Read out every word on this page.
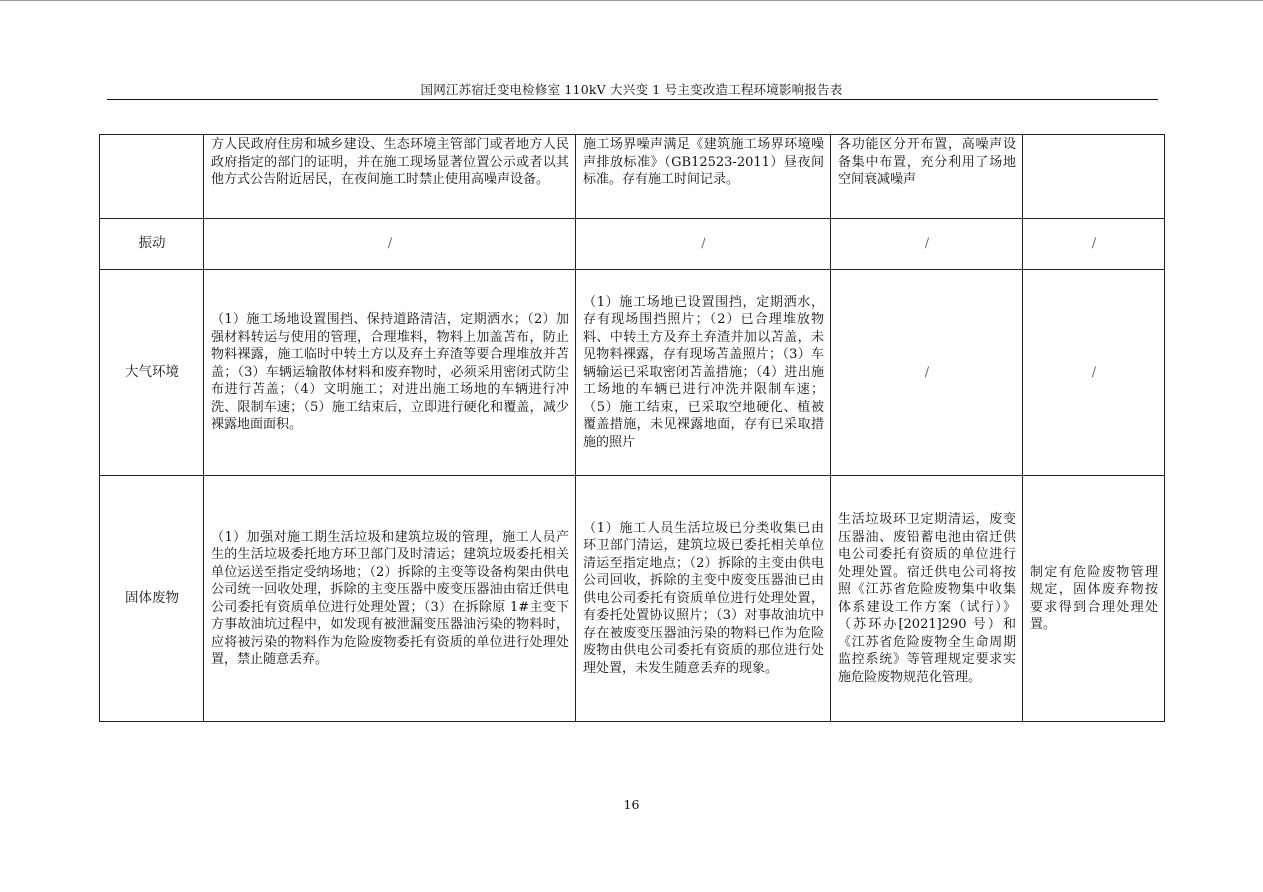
国网江苏宿迁变电检修室 110kV 大兴变 1 号主变改造工程环境影响报告表
	方人民政府住房和城乡建设、生态环境主管部门或者地方人民政府指定的部门的证明，并在施工现场显著位置公示或者以其他方式公告附近居民，在夜间施工时禁止使用高噪声设备。	施工场界噪声满足《建筑施工场界环境噪声排放标准》（GB12523-2011）昼夜间标准。存有施工时间记录。	各功能区分开布置，高噪声设备集中布置，充分利用了场地空间衰减噪声	
振动	/	/	/	/
大气环境	（1）施工场地设置围挡、保持道路清洁，定期洒水；（2）加强材料转运与使用的管理，合理堆料，物料上加盖苫布，防止物料裸露，施工临时中转土方以及弃土弃渣等要合理堆放并苫盖；（3）车辆运输散体材料和废弃物时，必须采用密闭式防尘布进行苫盖；（4）文明施工；对进出施工场地的车辆进行冲洗、限制车速；（5）施工结束后，立即进行硬化和覆盖，减少裸露地面面积。	（1）施工场地已设置围挡，定期洒水，存有现场围挡照片；（2）已合理堆放物料、中转土方及弃土弃渣并加以苫盖，未见物料裸露，存有现场苫盖照片；（3）车辆输运已采取密闭苫盖措施；（4）进出施工场地的车辆已进行冲洗并限制车速；（5）施工结束，已采取空地硬化、植被覆盖措施，未见裸露地面，存有已采取措施的照片	/	/
固体废物	（1）加强对施工期生活垃圾和建筑垃圾的管理，施工人员产生的生活垃圾委托地方环卫部门及时清运；建筑垃圾委托相关单位运送至指定受纳场地；（2）拆除的主变等设备构架由供电公司统一回收处理，拆除的主变压器中废变压器油由宿迁供电公司委托有资质单位进行处理处置；（3）在拆除原 1#主变下方事故油坑过程中，如发现有被泄漏变压器油污染的物料时，应将被污染的物料作为危险废物委托有资质的单位进行处理处置，禁止随意丢弃。	（1）施工人员生活垃圾已分类收集已由环卫部门清运，建筑垃圾已委托相关单位清运至指定地点；（2）拆除的主变由供电公司回收，拆除的主变中废变压器油已由供电公司委托有资质单位进行处理处置，有委托处置协议照片；（3）对事故油坑中存在被废变压器油污染的物料已作为危险废物由供电公司委托有资质的那位进行处理处置，未发生随意丢弃的现象。	生活垃圾环卫定期清运，废变压器油、废铅蓄电池由宿迁供电公司委托有资质的单位进行处理处置。宿迁供电公司将按照《江苏省危险废物集中收集体系建设工作方案（试行）》（苏环办[2021]290 号）和《江苏省危险废物全生命周期监控系统》等管理规定要求实施危险废物规范化管理。	制定有危险废物管理规定，固体废弃物按要求得到合理处理处置。
16
